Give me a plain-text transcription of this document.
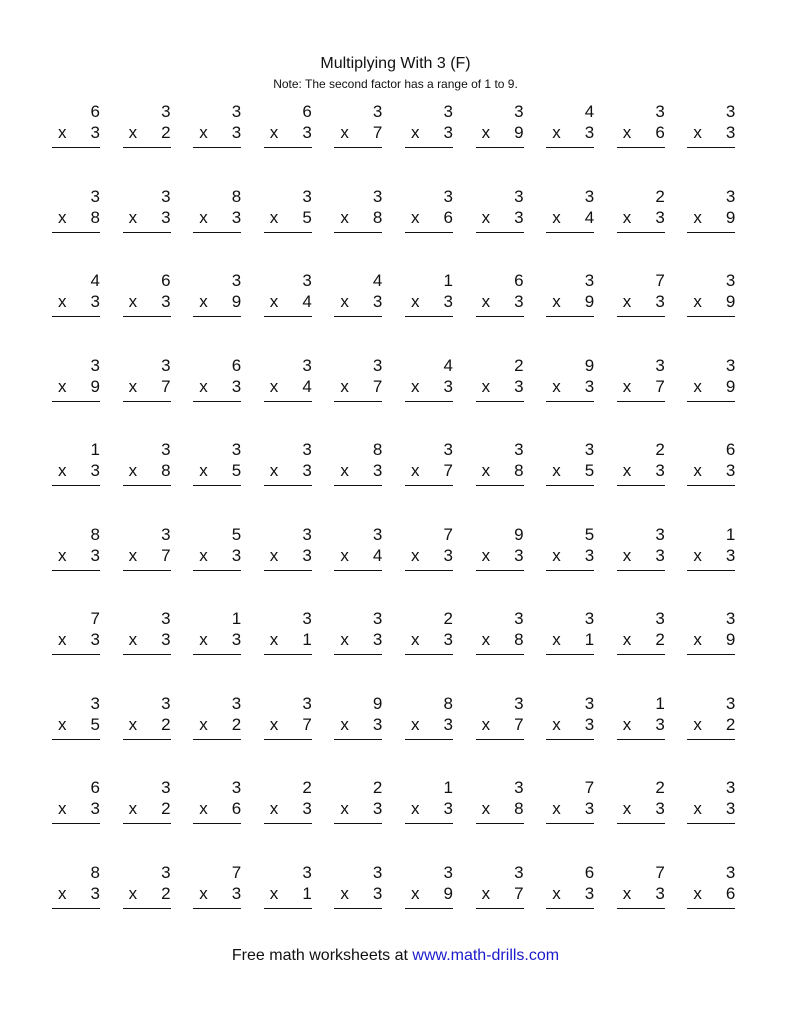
Multiplying With 3 (F)
Note: The second factor has a range of 1 to 9.
6
x 3
3
x 2
3
x 3
6
x 3
3
x 7
3
x 3
3
x 9
4
x 3
3
x 6
3
x 3
3
x 8
3
x 3
8
x 3
3
x 5
3
x 8
3
x 6
3
x 3
3
x 4
2
x 3
3
x 9
4
x 3
6
x 3
3
x 9
3
x 4
4
x 3
1
x 3
6
x 3
3
x 9
7
x 3
3
x 9
3
x 9
3
x 7
6
x 3
3
x 4
3
x 7
4
x 3
2
x 3
9
x 3
3
x 7
3
x 9
1
x 3
3
x 8
3
x 5
3
x 3
8
x 3
3
x 7
3
x 8
3
x 5
2
x 3
6
x 3
8
x 3
3
x 7
5
x 3
3
x 3
3
x 4
7
x 3
9
x 3
5
x 3
3
x 3
1
x 3
7
x 3
3
x 3
1
x 3
3
x 1
3
x 3
2
x 3
3
x 8
3
x 1
3
x 2
3
x 9
3
x 5
3
x 2
3
x 2
3
x 7
9
x 3
8
x 3
3
x 7
3
x 3
1
x 3
3
x 2
6
x 3
3
x 2
3
x 6
2
x 3
2
x 3
1
x 3
3
x 8
7
x 3
2
x 3
3
x 3
8
x 3
3
x 2
7
x 3
3
x 1
3
x 3
3
x 9
3
x 7
6
x 3
7
x 3
3
x 6
Free math worksheets at www.math-drills.com
